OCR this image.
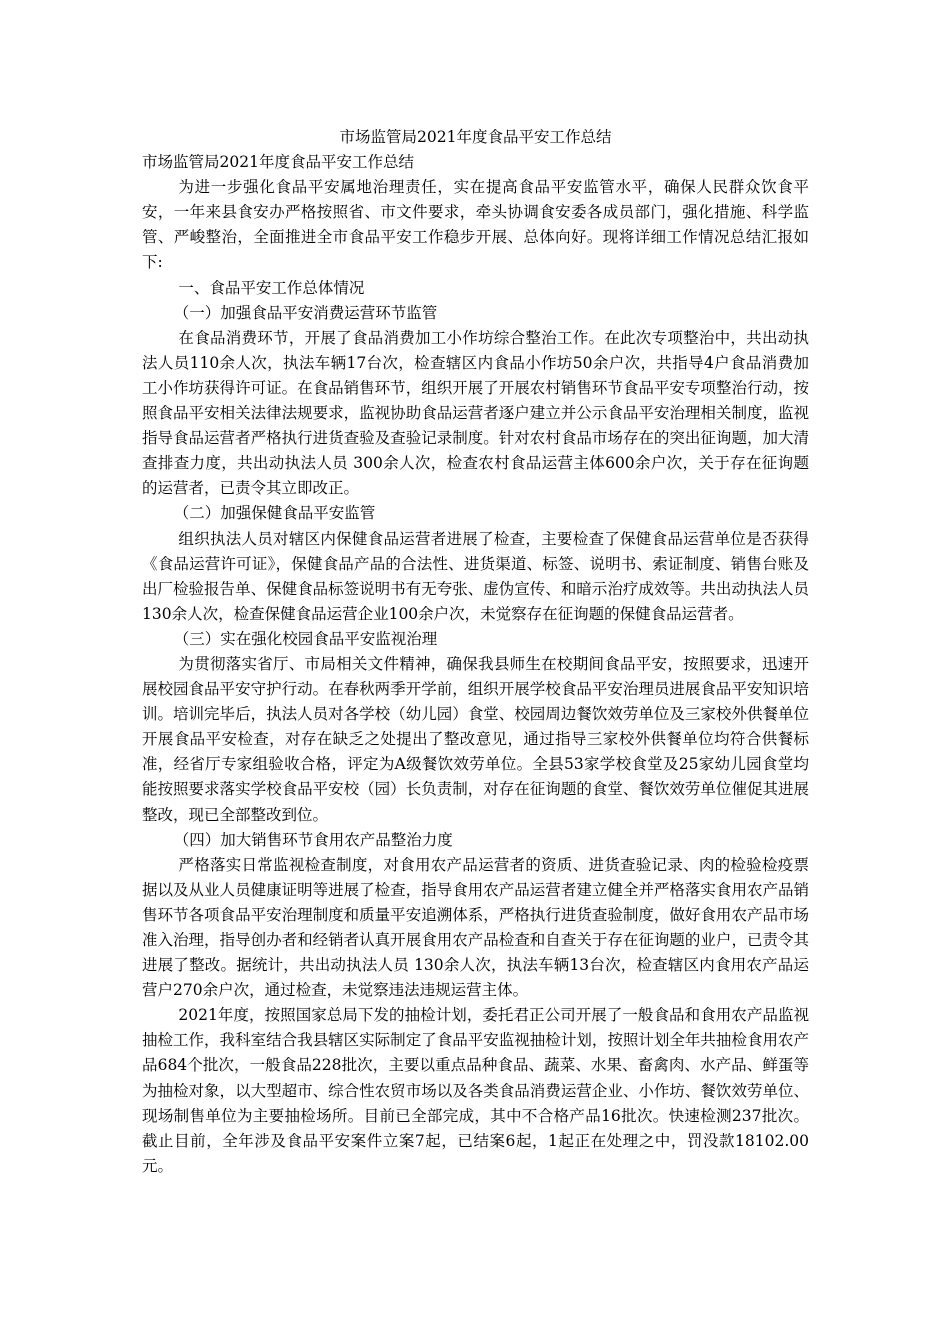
市场监管局2021年度食品平安工作总结

市场监管局2021年度食品平安工作总结

为进一步强化食品平安属地治理责任，实在提高食品平安监管水平，确保人民群众饮食平安，一年来县食安办严格按照省、市文件要求，牵头协调食安委各成员部门，强化措施、科学监管、严峻整治，全面推进全市食品平安工作稳步开展、总体向好。现将详细工作情况总结汇报如下:

一、食品平安工作总体情况

（一）加强食品平安消费运营环节监管

在食品消费环节，开展了食品消费加工小作坊综合整治工作。在此次专项整治中，共出动执法人员110余人次，执法车辆17台次，检查辖区内食品小作坊50余户次，共指导4户食品消费加工小作坊获得许可证。在食品销售环节，组织开展了开展农村销售环节食品平安专项整治行动，按照食品平安相关法律法规要求，监视协助食品运营者逐户建立并公示食品平安治理相关制度，监视指导食品运营者严格执行进货查验及查验记录制度。针对农村食品市场存在的突出征询题，加大清查排查力度，共出动执法人员 300余人次，检查农村食品运营主体600余户次，关于存在征询题的运营者，已责令其立即改正。

（二）加强保健食品平安监管

组织执法人员对辖区内保健食品运营者进展了检查，主要检查了保健食品运营单位是否获得《食品运营许可证》，保健食品产品的合法性、进货渠道、标签、说明书、索证制度、销售台账及出厂检验报告单、保健食品标签说明书有无夸张、虚伪宣传、和暗示治疗成效等。共出动执法人员130余人次，检查保健食品运营企业100余户次，未觉察存在征询题的保健食品运营者。

（三）实在强化校园食品平安监视治理

为贯彻落实省厅、市局相关文件精神，确保我县师生在校期间食品平安，按照要求，迅速开展校园食品平安守护行动。在春秋两季开学前，组织开展学校食品平安治理员进展食品平安知识培训。培训完毕后，执法人员对各学校（幼儿园）食堂、校园周边餐饮效劳单位及三家校外供餐单位开展食品平安检查，对存在缺乏之处提出了整改意见，通过指导三家校外供餐单位均符合供餐标准，经省厅专家组验收合格，评定为A级餐饮效劳单位。全县53家学校食堂及25家幼儿园食堂均能按照要求落实学校食品平安校（园）长负责制，对存在征询题的食堂、餐饮效劳单位催促其进展整改，现已全部整改到位。

（四）加大销售环节食用农产品整治力度

严格落实日常监视检查制度，对食用农产品运营者的资质、进货查验记录、肉的检验检疫票据以及从业人员健康证明等进展了检查，指导食用农产品运营者建立健全并严格落实食用农产品销售环节各项食品平安治理制度和质量平安追溯体系，严格执行进货查验制度，做好食用农产品市场准入治理，指导创办者和经销者认真开展食用农产品检查和自查关于存在征询题的业户，已责令其进展了整改。据统计，共出动执法人员 130余人次，执法车辆13台次，检查辖区内食用农产品运营户270余户次，通过检查，未觉察违法违规运营主体。

2021年度，按照国家总局下发的抽检计划，委托君正公司开展了一般食品和食用农产品监视抽检工作，我科室结合我县辖区实际制定了食品平安监视抽检计划，按照计划全年共抽检食用农产品684个批次，一般食品228批次，主要以重点品种食品、蔬菜、水果、畜禽肉、水产品、鲜蛋等为抽检对象，以大型超市、综合性农贸市场以及各类食品消费运营企业、小作坊、餐饮效劳单位、现场制售单位为主要抽检场所。目前已全部完成，其中不合格产品16批次。快速检测237批次。截止目前，全年涉及食品平安案件立案7起，已结案6起，1起正在处理之中，罚没款18102.00元。
